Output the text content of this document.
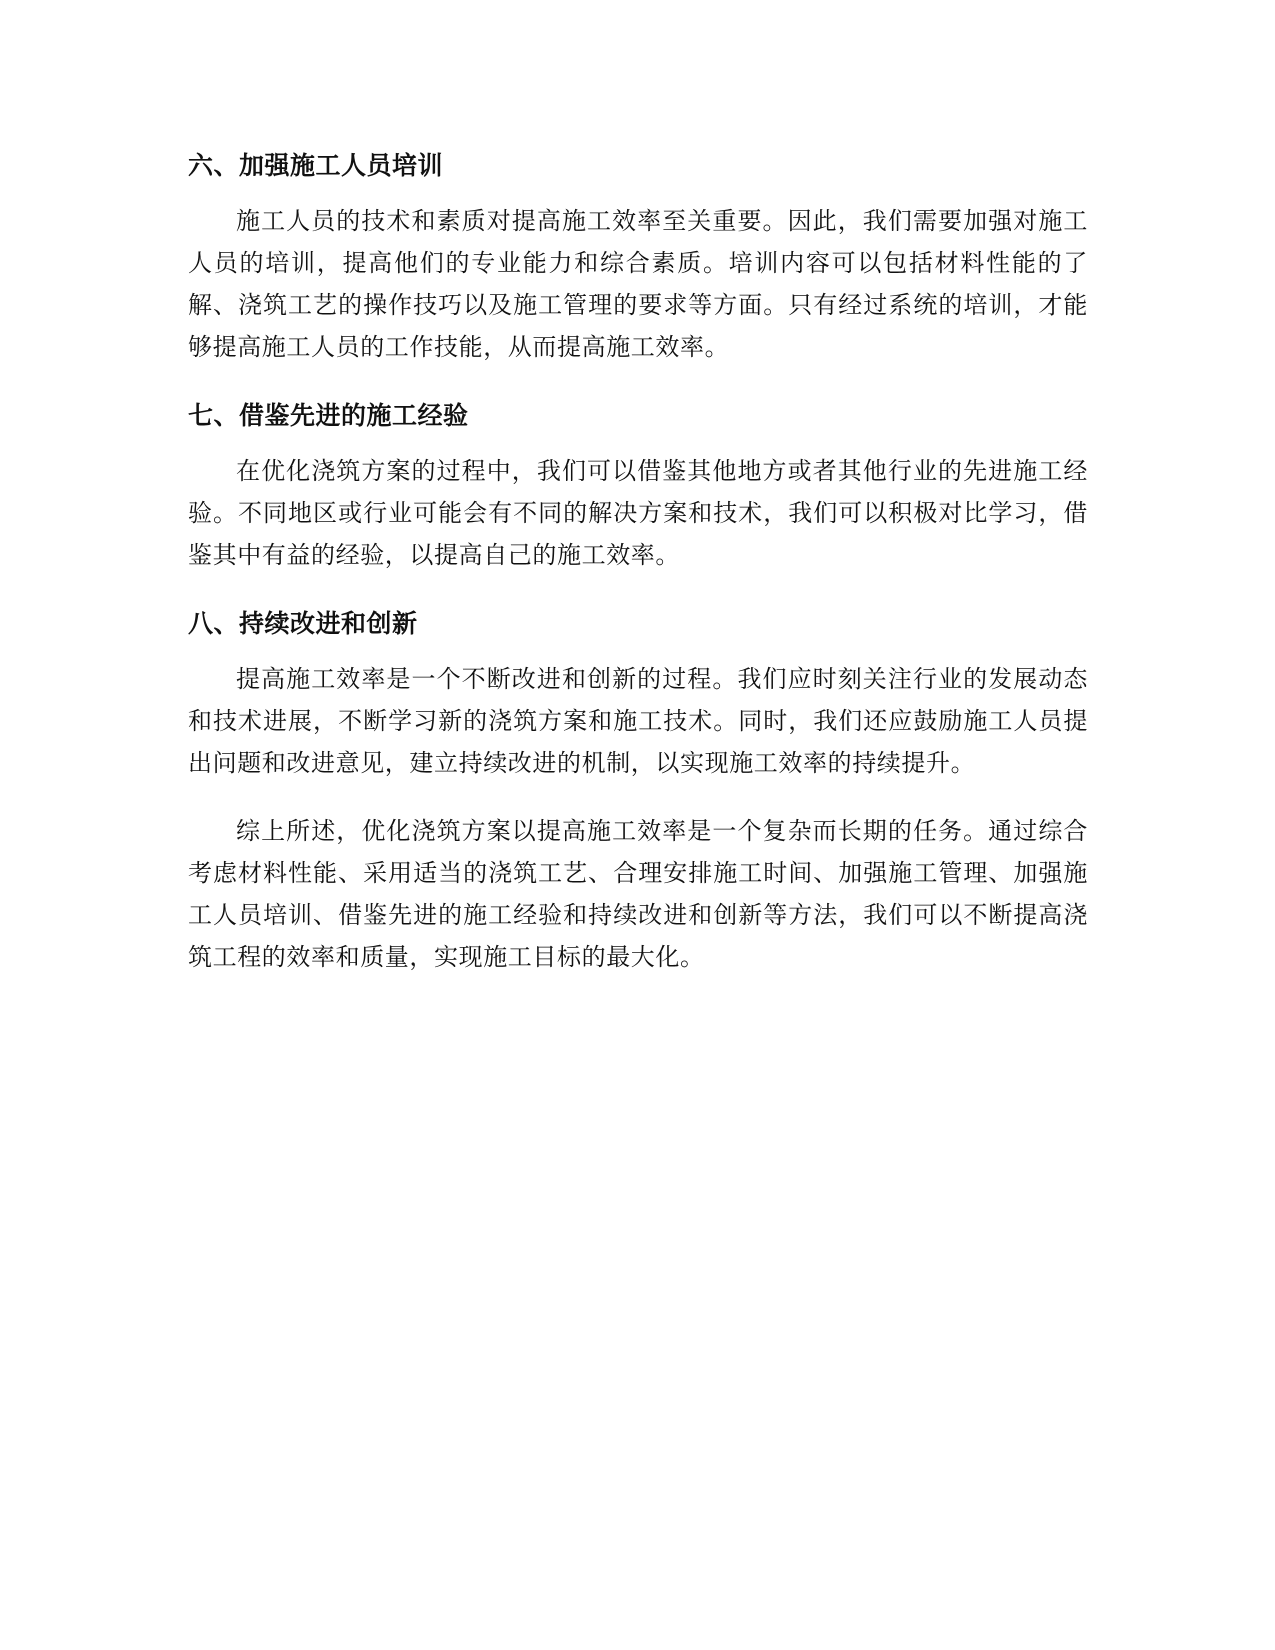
六、加强施工人员培训

施工人员的技术和素质对提高施工效率至关重要。因此，我们需要加强对施工人员的培训，提高他们的专业能力和综合素质。培训内容可以包括材料性能的了解、浇筑工艺的操作技巧以及施工管理的要求等方面。只有经过系统的培训，才能够提高施工人员的工作技能，从而提高施工效率。

七、借鉴先进的施工经验

在优化浇筑方案的过程中，我们可以借鉴其他地方或者其他行业的先进施工经验。不同地区或行业可能会有不同的解决方案和技术，我们可以积极对比学习，借鉴其中有益的经验，以提高自己的施工效率。

八、持续改进和创新

提高施工效率是一个不断改进和创新的过程。我们应时刻关注行业的发展动态和技术进展，不断学习新的浇筑方案和施工技术。同时，我们还应鼓励施工人员提出问题和改进意见，建立持续改进的机制，以实现施工效率的持续提升。

综上所述，优化浇筑方案以提高施工效率是一个复杂而长期的任务。通过综合考虑材料性能、采用适当的浇筑工艺、合理安排施工时间、加强施工管理、加强施工人员培训、借鉴先进的施工经验和持续改进和创新等方法，我们可以不断提高浇筑工程的效率和质量，实现施工目标的最大化。
